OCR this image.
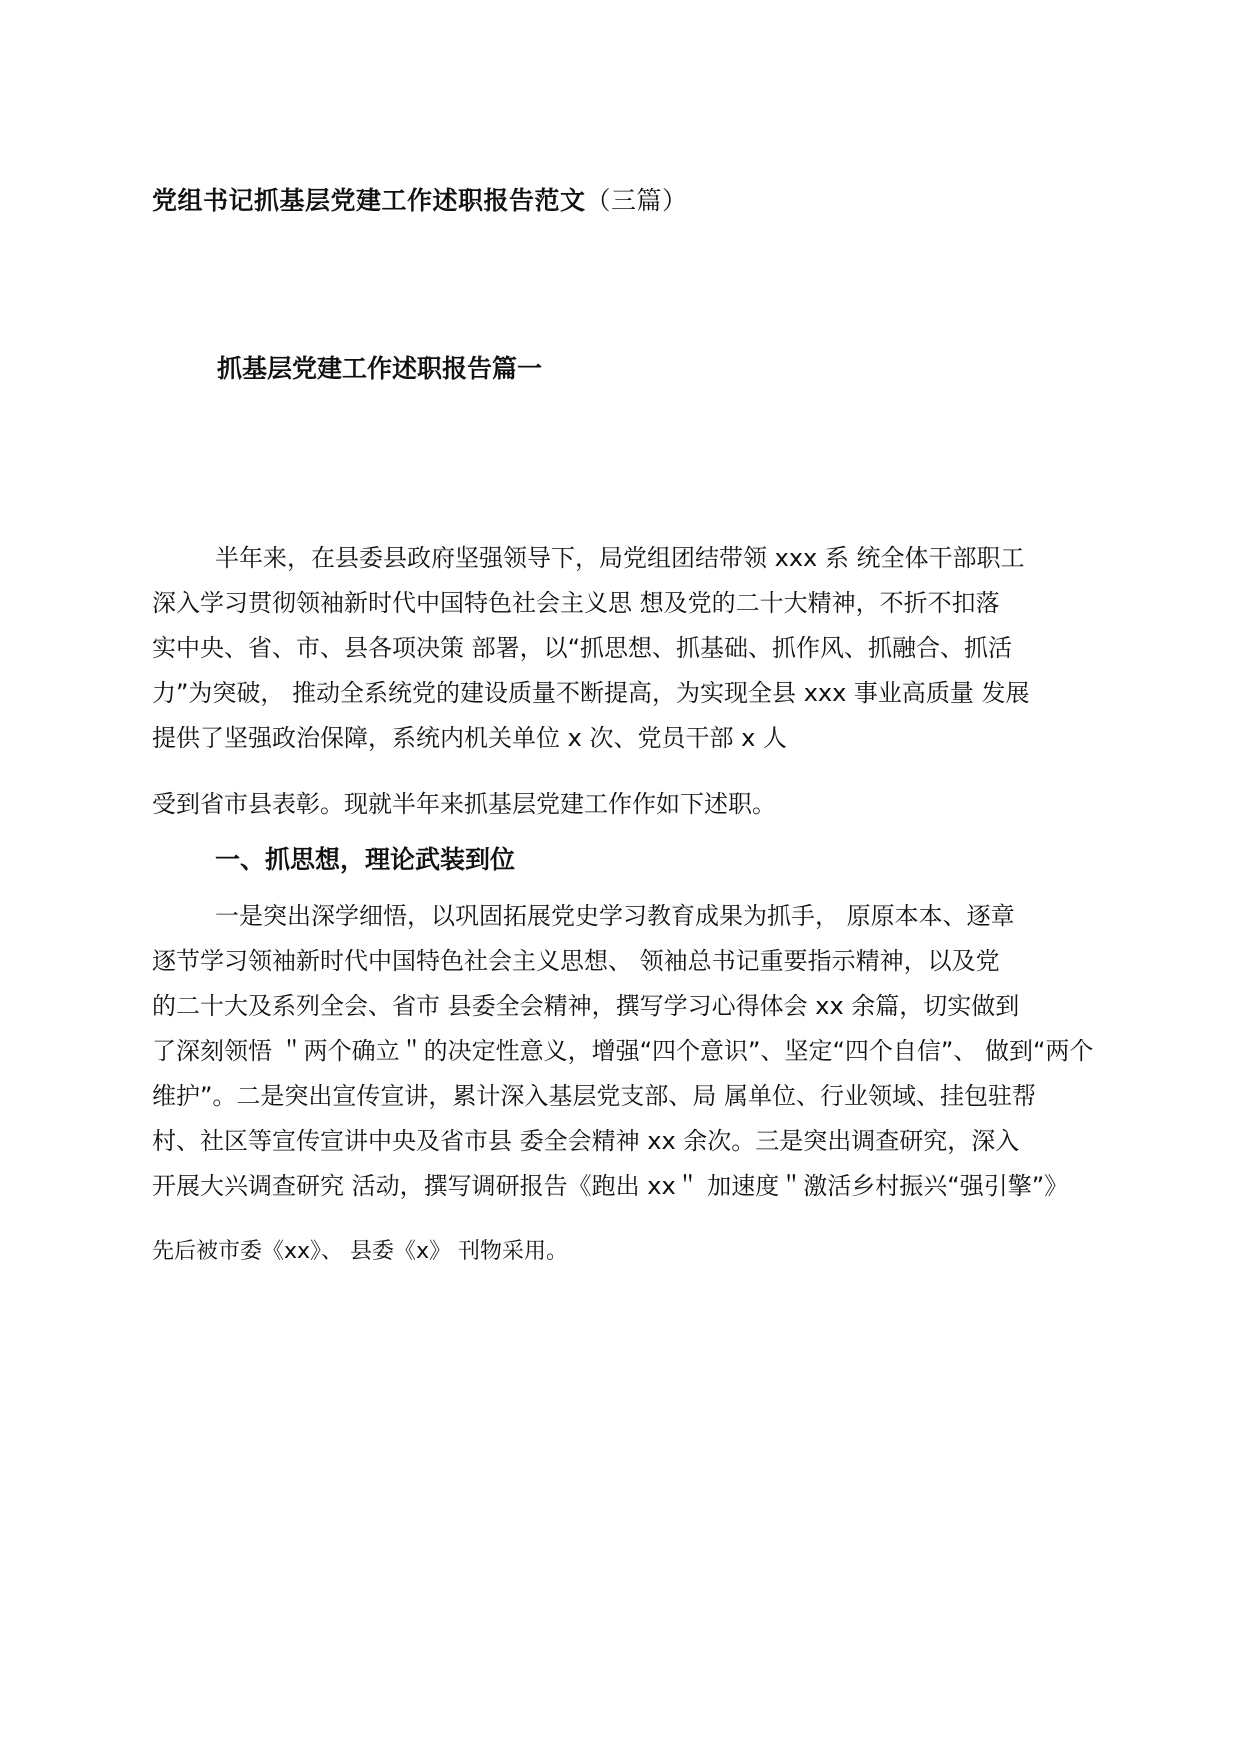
党组书记抓基层党建工作述职报告范文（三篇）
抓基层党建工作述职报告篇一
半年来，在县委县政府坚强领导下，局党组团结带领 xxx 系 统全体干部职工
深入学习贯彻领袖新时代中国特色社会主义思 想及党的二十大精神，不折不扣落
实中央、省、市、县各项决策 部署，以“抓思想、抓基础、抓作风、抓融合、抓活
力”为突破， 推动全系统党的建设质量不断提高，为实现全县 xxx 事业高质量 发展
提供了坚强政治保障，系统内机关单位 x 次、党员干部 x 人
受到省市县表彰。现就半年来抓基层党建工作作如下述职。
一、抓思想，理论武装到位
一是突出深学细悟，以巩固拓展党史学习教育成果为抓手， 原原本本、逐章
逐节学习领袖新时代中国特色社会主义思想、 领袖总书记重要指示精神，以及党
的二十大及系列全会、省市 县委全会精神，撰写学习心得体会 xx 余篇，切实做到
了深刻领悟 ＂两个确立＂的决定性意义，增强“四个意识”、坚定“四个自信”、 做到“两个
维护”。二是突出宣传宣讲，累计深入基层党支部、局 属单位、行业领域、挂包驻帮
村、社区等宣传宣讲中央及省市县 委全会精神 xx 余次。三是突出调查研究，深入
开展大兴调查研究 活动，撰写调研报告《跑出 xx＂ 加速度＂激活乡村振兴“强引擎”》
先后被市委《xx》、 县委《x》 刊物采用。
